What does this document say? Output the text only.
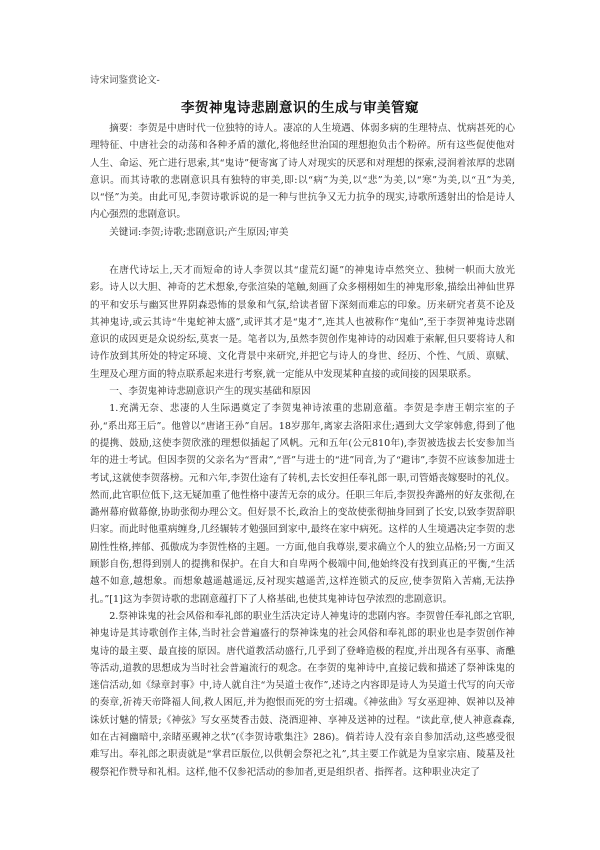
诗宋词鉴赏论文-
李贺神鬼诗悲剧意识的生成与审美管窥

摘要：李贺是中唐时代一位独特的诗人。凄凉的人生境遇、体弱多病的生理特点、忧病甚死的心理特征、中唐社会的动荡和各种矛盾的激化,将他经世治国的理想抱负击个粉碎。所有这些促使他对人生、命运、死亡进行思索,其“鬼诗”便寄寓了诗人对现实的厌恶和对理想的探索,浸润着浓厚的悲剧意识。而其诗歌的悲剧意识具有独特的审美,即:以“病”为美,以“悲”为美,以“寒”为美,以“丑”为美,以“怪”为美。由此可见,李贺诗歌诉说的是一种与世抗争又无力抗争的现实,诗歌所透射出的恰是诗人内心强烈的悲剧意识。

关键词:李贺;诗歌;悲剧意识;产生原因;审美

在唐代诗坛上,天才而短命的诗人李贺以其“虚荒幻诞”的神鬼诗卓然突立、独树一帜而大放光彩。诗人以大胆、神奇的艺术想象,夸张渲染的笔触,刻画了众多栩栩如生的神鬼形象,描绘出神仙世界的平和安乐与幽冥世界阴森恐怖的景象和气氛,给读者留下深刻而难忘的印象。历来研究者莫不论及其神鬼诗,或云其诗“牛鬼蛇神太盛”,或评其才是“鬼才”,连其人也被称作“鬼仙”,至于李贺神鬼诗悲剧意识的成因更是众说纷纭,莫衷一是。笔者以为,虽然李贺创作鬼神诗的动因难于索解,但只要将诗人和诗作放到其所处的特定环境、文化背景中来研究,并把它与诗人的身世、经历、个性、气质、禀赋、生理及心理方面的特点联系起来进行考察,就一定能从中发现某种直接的或间接的因果联系。

一、李贺鬼神诗悲剧意识产生的现实基础和原因

1.充满无奈、悲凄的人生际遇奠定了李贺鬼神诗浓重的悲剧意蕴。李贺是李唐王朝宗室的子孙,“系出郑王后”。他曾以“唐诸王孙”自居。18岁那年,离家去洛阳求仕;遇到大文学家韩愈,得到了他的提携、鼓励,这使李贺欣涨的理想似插起了风帆。元和五年(公元810年),李贺被选拔去长安参加当年的进士考试。但因李贺的父亲名为“晋肃”,“晋”与进士的“进”同音,为了“避讳”,李贺不应该参加进士考试,这就使李贺落榜。元和六年,李贺仕途有了转机,去长安担任奉礼郎一职,司管婚丧嫁娶时的礼仪。然而,此官职位低下,这无疑加重了他性格中凄苦无奈的成分。任职三年后,李贺投奔潞州的好友张彻,在潞州幕府做幕僚,协助张彻办理公文。但好景不长,政治上的变故使张彻抽身回到了长安,以致李贺辞职归家。而此时他重病缠身,几经辗转才勉强回到家中,最终在家中病死。这样的人生境遇决定李贺的悲剧性性格,摔郁、孤傲成为李贺性格的主题。一方面,他自我尊崇,要求确立个人的独立品格;另一方面又顾影自伤,想得到别人的提携和保护。在自大和自卑两个极端中间,他始终没有找到真正的平衡,“生活越不如意,越想象。而想象越遥越遥远,反衬现实越遥苦,这样连锁式的反应,使李贺陷入苦痛,无法挣扎。”[1]这为李贺诗歌的悲剧意蕴打下了人格基础,也使其鬼神诗包孕浓烈的悲剧意识。

2.祭神诛鬼的社会风俗和奉礼郎的职业生活决定诗人神鬼诗的悲剧内容。李贺曾任奉礼郎之官职,神鬼诗是其诗歌创作主体,当时社会普遍盛行的祭神诛鬼的社会风俗和奉礼郎的职业也是李贺创作神鬼诗的最主要、最直接的原因。唐代道教活动盛行,几乎到了登峰造极的程度,并出现各有巫事、斋醮等活动,道教的思想成为当时社会普遍流行的观念。在李贺的鬼神诗中,直接记载和描述了祭神诛鬼的迷信活动,如《绿章封事》中,诗人就自注“为吴道士夜作”,述诗之内容即是诗人为吴道士代写的向天帝的奏章,祈祷天帝降福人间,救人困厄,并为抱恨而死的穷士招魂。《神弦曲》写女巫迎神、娱神以及神诛妖讨魅的情景;《神弦》写女巫焚香击鼓、浇酒迎神、享神及送神的过程。“读此章,使人神意森森,如在古祠幽暗中,亲睹巫觋神之状”(《李贺诗歌集注》286)。倘若诗人没有亲自参加活动,这些感受很难写出。奉礼郎之职责就是“掌君臣版位,以供朝会祭祀之礼”,其主要工作就是为皇家宗庙、陵墓及社稷祭祀作赞导和礼相。这样,他不仅参祀活动的参加者,更是组织者、指挥者。这种职业决定了
